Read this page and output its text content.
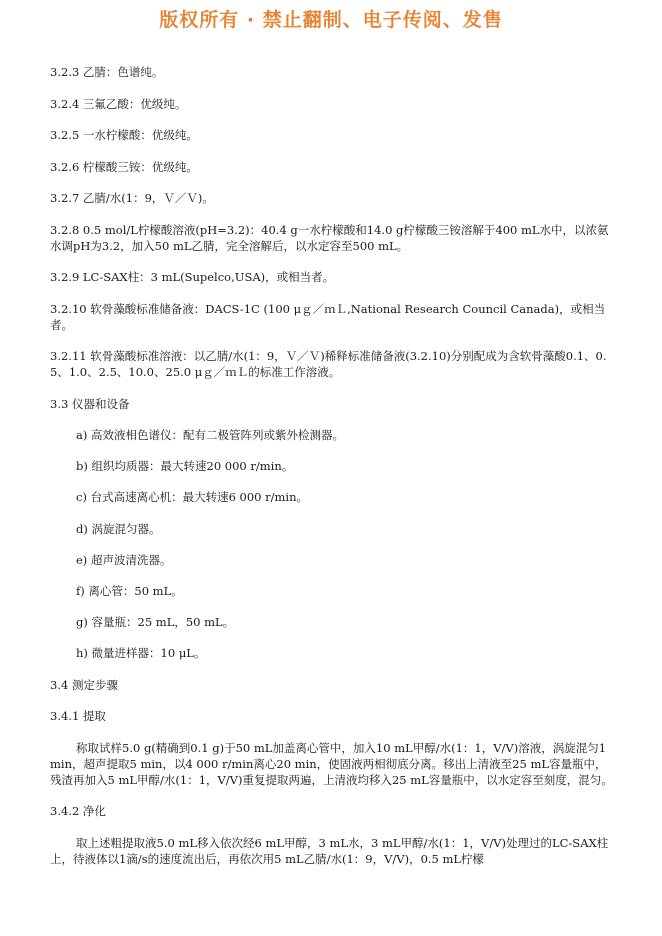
版权所有 · 禁止翻制、电子传阅、发售

3.2.3 乙腈：色谱纯。

3.2.4 三氟乙酸：优级纯。

3.2.5 一水柠檬酸：优级纯。

3.2.6 柠檬酸三铵：优级纯。

3.2.7 乙腈/水(1：9，Ｖ／Ｖ)。

3.2.8 0.5 mol/L柠檬酸溶液(pH=3.2)：40.4 g一水柠檬酸和14.0 g柠檬酸三铵溶解于400 mL水中，以浓氨水调pH为3.2，加入50 mL乙腈，完全溶解后，以水定容至500 mL。

3.2.9 LC-SAX柱：3 mL(Supelco,USA)，或相当者。

3.2.10 软骨藻酸标准储备液：DACS-1C (100 μｇ／ｍＬ,National Research Council Canada)，或相当者。

3.2.11 软骨藻酸标准溶液：以乙腈/水(1：9，Ｖ／Ｖ)稀释标准储备液(3.2.10)分别配成为含软骨藻酸0.1、0.5、1.0、2.5、10.0、25.0 μｇ／ｍＬ的标准工作溶液。

3.3 仪器和设备

a) 高效液相色谱仪：配有二极管阵列或紫外检测器。

b) 组织均质器：最大转速20 000 r/min。

c) 台式高速离心机：最大转速6 000 r/min。

d) 涡旋混匀器。

e) 超声波清洗器。

f) 离心管：50 mL。

g) 容量瓶：25 mL，50 mL。

h) 微量进样器：10 μL。

3.4 测定步骤

3.4.1 提取

称取试样5.0 g(精确到0.1 g)于50 mL加盖离心管中，加入10 mL甲醇/水(1：1，V/V)溶液，涡旋混匀1 min，超声提取5 min，以4 000 r/min离心20 min，使固液两相彻底分离。移出上清液至25 mL容量瓶中，残渣再加入5 mL甲醇/水(1：1，V/V)重复提取两遍，上清液均移入25 mL容量瓶中，以水定容至刻度，混匀。

3.4.2 净化

取上述粗提取液5.0 mL移入依次经6 mL甲醇，3 mL水，3 mL甲醇/水(1：1，V/V)处理过的LC-SAX柱上，待液体以1滴/s的速度流出后，再依次用5 mL乙腈/水(1：9，V/V)，0.5 mL柠檬
